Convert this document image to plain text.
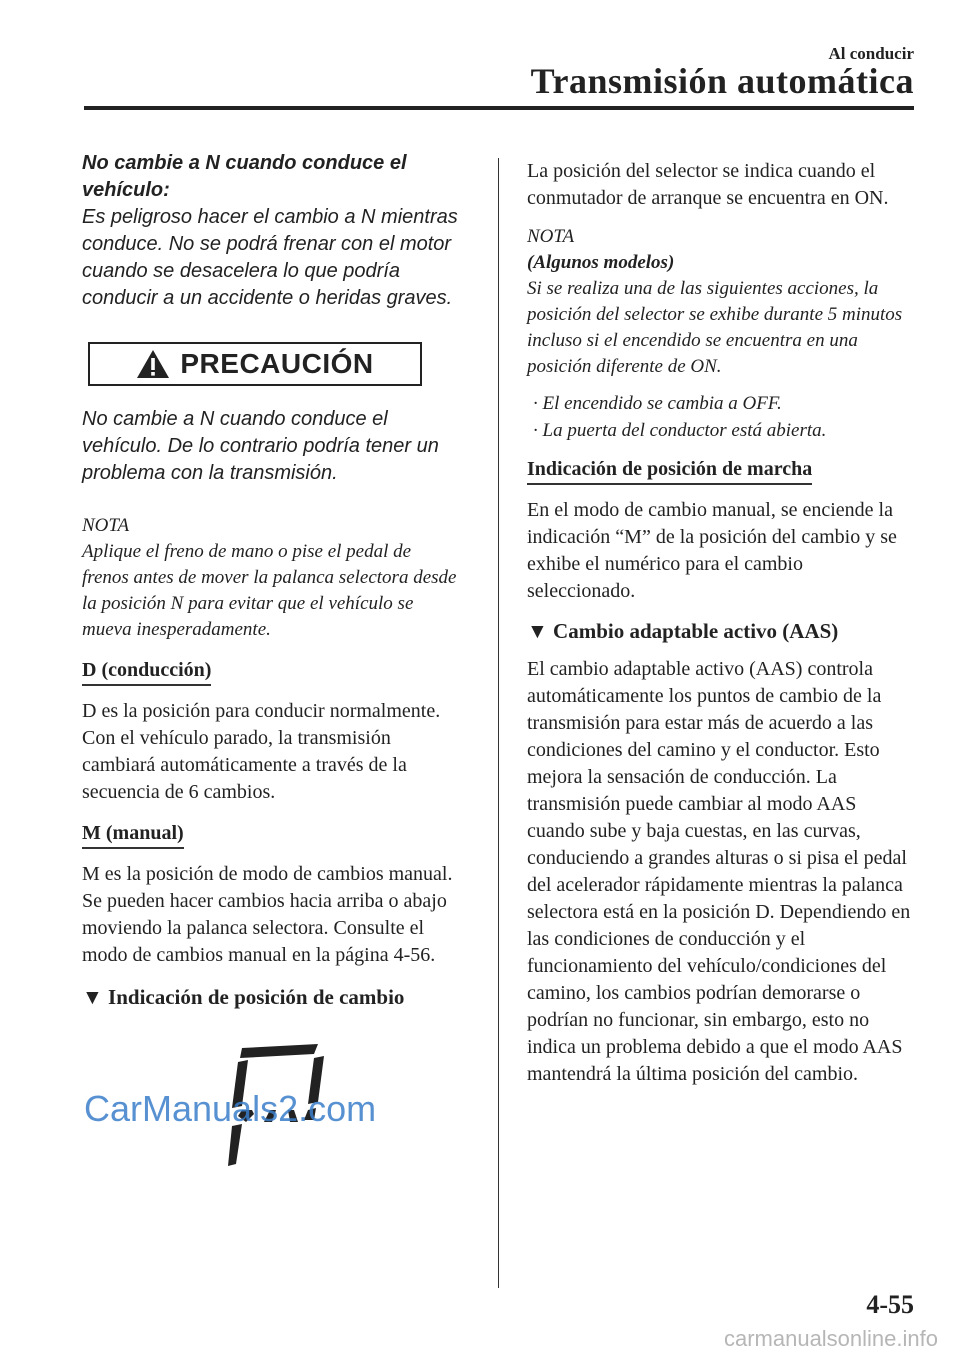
Al conducir
Transmisión automática
No cambie a N cuando conduce el vehículo:
Es peligroso hacer el cambio a N mientras conduce. No se podrá frenar con el motor cuando se desacelera lo que podría conducir a un accidente o heridas graves.
PRECAUCIÓN
No cambie a N cuando conduce el vehículo. De lo contrario podría tener un problema con la transmisión.
NOTA
Aplique el freno de mano o pise el pedal de frenos antes de mover la palanca selectora desde la posición N para evitar que el vehículo se mueva inesperadamente.
D (conducción)
D es la posición para conducir normalmente. Con el vehículo parado, la transmisión cambiará automáticamente a través de la secuencia de 6 cambios.
M (manual)
M es la posición de modo de cambios manual. Se pueden hacer cambios hacia arriba o abajo moviendo la palanca selectora. Consulte el modo de cambios manual en la página 4-56.
▼ Indicación de posición de cambio
CarManuals2.com
La posición del selector se indica cuando el conmutador de arranque se encuentra en ON.
NOTA
(Algunos modelos)
Si se realiza una de las siguientes acciones, la posición del selector se exhibe durante 5 minutos incluso si el encendido se encuentra en una posición diferente de ON.
· El encendido se cambia a OFF.
· La puerta del conductor está abierta.
Indicación de posición de marcha
En el modo de cambio manual, se enciende la indicación “M” de la posición del cambio y se exhibe el numérico para el cambio seleccionado.
▼ Cambio adaptable activo (AAS)
El cambio adaptable activo (AAS) controla automáticamente los puntos de cambio de la transmisión para estar más de acuerdo a las condiciones del camino y el conductor. Esto mejora la sensación de conducción. La transmisión puede cambiar al modo AAS cuando sube y baja cuestas, en las curvas, conduciendo a grandes alturas o si pisa el pedal del acelerador rápidamente mientras la palanca selectora está en la posición D. Dependiendo en las condiciones de conducción y el funcionamiento del vehículo/condiciones del camino, los cambios podrían demorarse o podrían no funcionar, sin embargo, esto no indica un problema debido a que el modo AAS mantendrá la última posición del cambio.
4-55
carmanualsonline.info
